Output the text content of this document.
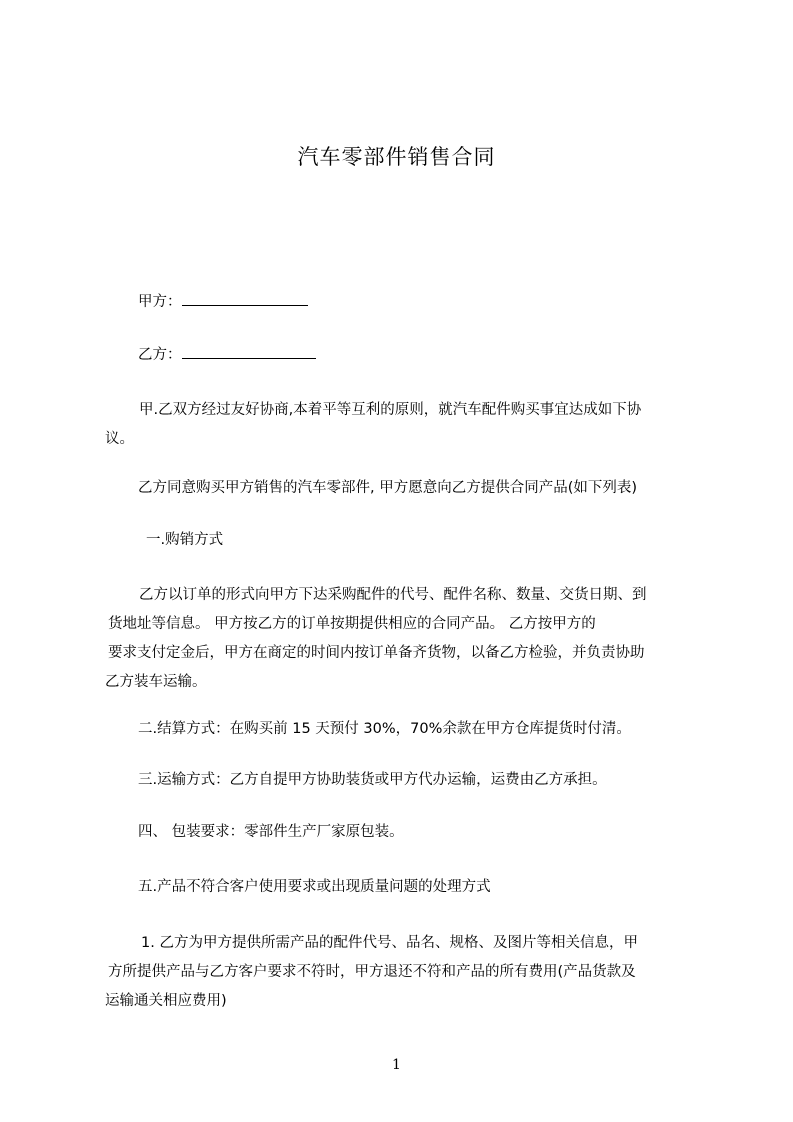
汽车零部件销售合同
甲方：
乙方：
甲.乙双方经过友好协商,本着平等互利的原则，就汽车配件购买事宜达成如下协
议。
乙方同意购买甲方销售的汽车零部件, 甲方愿意向乙方提供合同产品(如下列表)
一.购销方式
乙方以订单的形式向甲方下达采购配件的代号、配件名称、数量、交货日期、到
货地址等信息。 甲方按乙方的订单按期提供相应的合同产品。 乙方按甲方的
要求支付定金后，甲方在商定的时间内按订单备齐货物，以备乙方检验，并负责协助
乙方装车运输。
二.结算方式：在购买前 15 天预付 30%，70%余款在甲方仓库提货时付清。
三.运输方式：乙方自提甲方协助装货或甲方代办运输，运费由乙方承担。
四、 包装要求：零部件生产厂家原包装。
五.产品不符合客户使用要求或出现质量问题的处理方式
1. 乙方为甲方提供所需产品的配件代号、品名、规格、及图片等相关信息，甲
方所提供产品与乙方客户要求不符时，甲方退还不符和产品的所有费用(产品货款及
运输通关相应费用)
1
